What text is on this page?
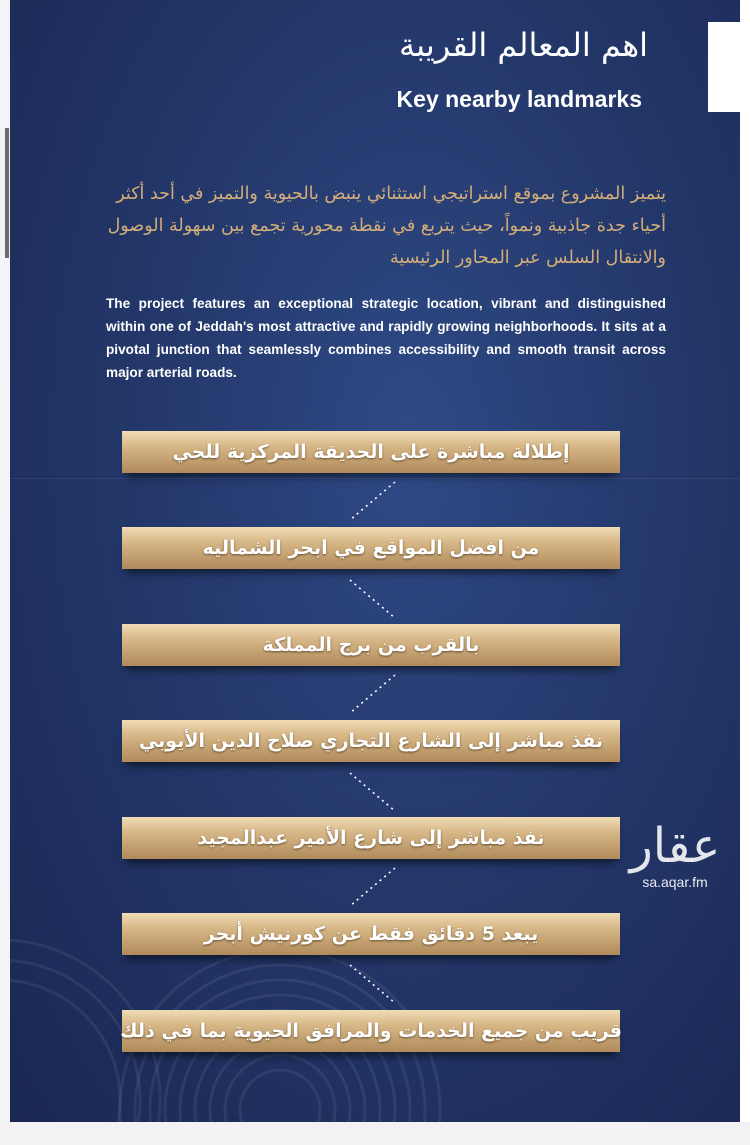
اهم المعالم القريبة
Key nearby landmarks
يتميز المشروع بموقع استراتيجي استثنائي ينبض بالحيوية والتميز في أحد أكثر أحياء جدة جاذبية ونمواً، حيث يتربع في نقطة محورية تجمع بين سهولة الوصول والانتقال السلس عبر المحاور الرئيسية
The project features an exceptional strategic location, vibrant and distinguished within one of Jeddah's most attractive and rapidly growing neighborhoods. It sits at a pivotal junction that seamlessly combines accessibility and smooth transit across major arterial roads.
إطلالة مباشرة على الحديقة المركزية للحي
من افضل المواقع في ابحر الشماليه
بالقرب من برج المملكة
نفذ مباشر إلى الشارع التجاري صلاح الدين الأيوبي
نفذ مباشر إلى شارع الأمير عبدالمجيد
يبعد 5 دقائق فقط عن كورنيش أبحر
قريب من جميع الخدمات والمرافق الحيوية بما في ذلك
عقار
sa.aqar.fm
